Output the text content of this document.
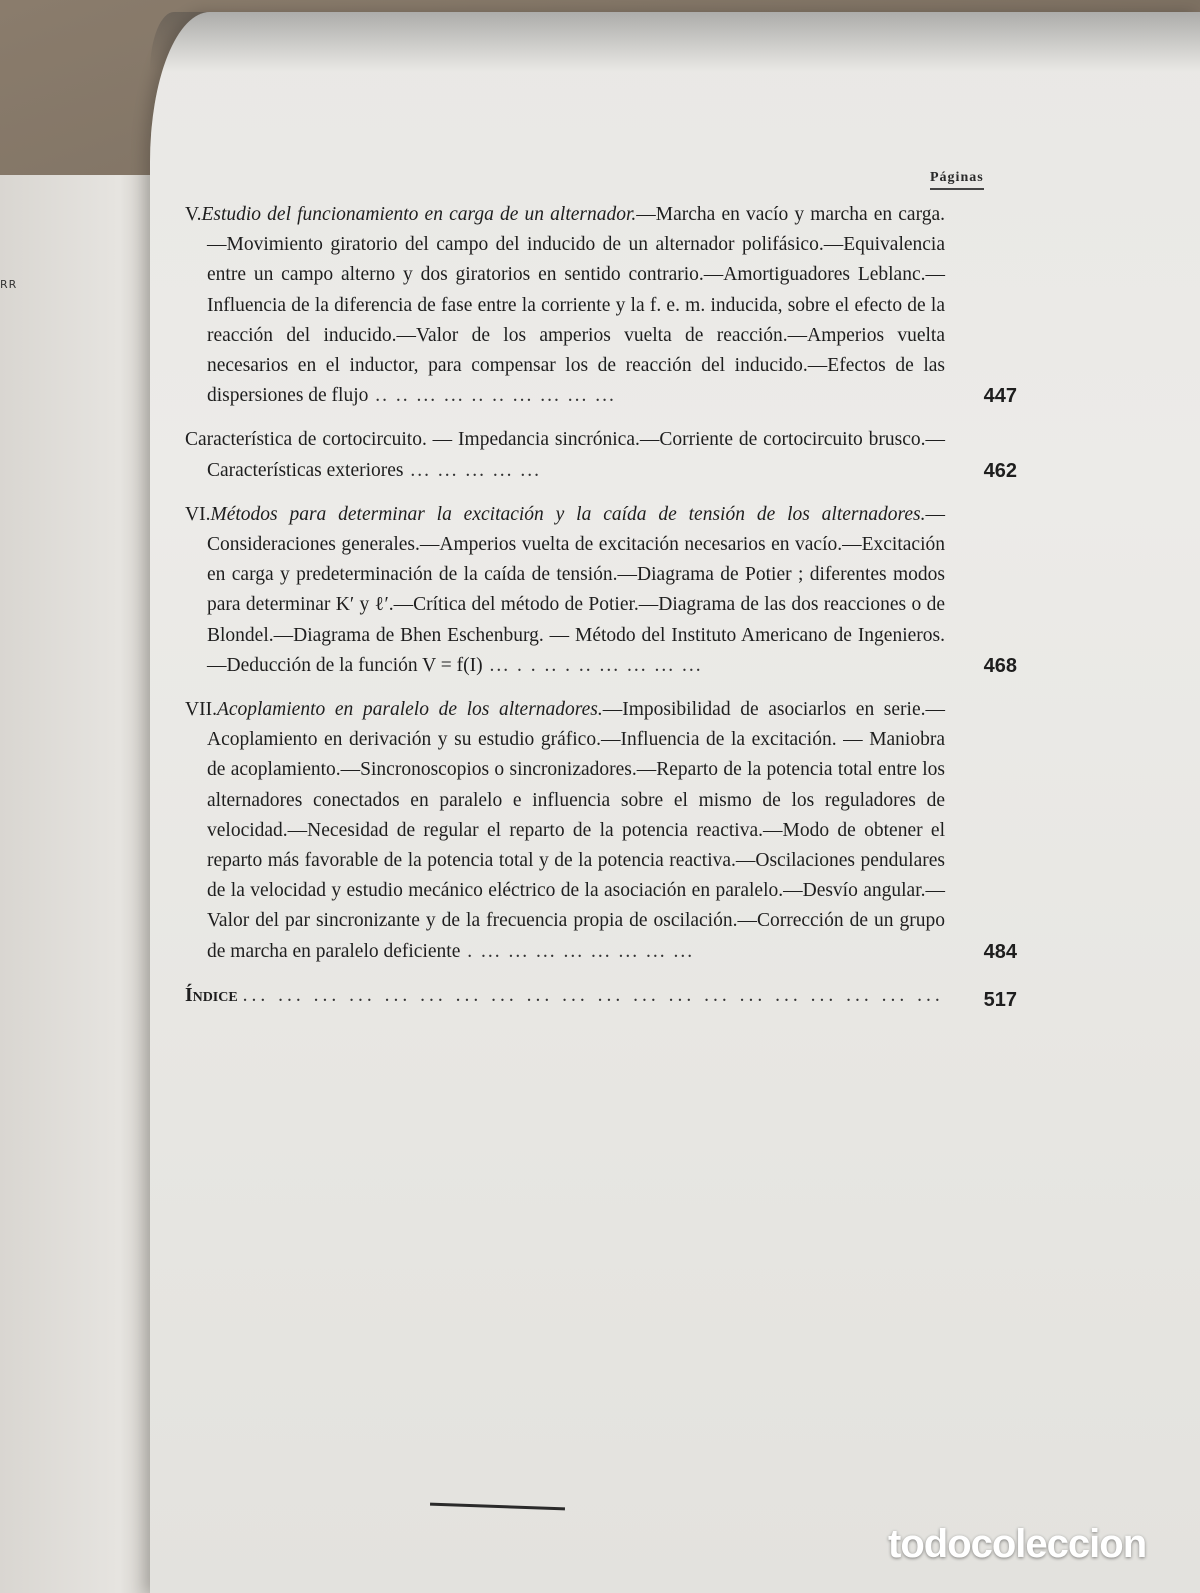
RR
Páginas
V.Estudio del funcionamiento en carga de un alternador.—Marcha en vacío y marcha en carga.—Movimiento giratorio del campo del inducido de un alternador polifásico.—Equivalencia entre un campo alterno y dos giratorios en sentido contrario.—Amortiguadores Leblanc.—Influencia de la diferencia de fase entre la corriente y la f. e. m. inducida, sobre el efecto de la reacción del inducido.—Valor de los amperios vuelta de reacción.—Amperios vuelta necesarios en el inductor, para compensar los de reacción del inducido.—Efectos de las dispersiones de flujo .. .. ... ... .. .. ... ... ... ...	447
Característica de cortocircuito. — Impedancia sincrónica.—Corriente de cortocircuito brusco.—Características exteriores ... ... ... ... ...	462
VI.Métodos para determinar la excitación y la caída de tensión de los alternadores.—Consideraciones generales.—Amperios vuelta de excitación necesarios en vacío.—Excitación en carga y predeterminación de la caída de tensión.—Diagrama de Potier ; diferentes modos para determinar K′ y ℓ′.—Crítica del método de Potier.—Diagrama de las dos reacciones o de Blondel.—Diagrama de Bhen Eschenburg. — Método del Instituto Americano de Ingenieros.—Deducción de la función V = f(I) ... . . .. . .. ... ... ... ...	468
VII.Acoplamiento en paralelo de los alternadores.—Imposibilidad de asociarlos en serie.—Acoplamiento en derivación y su estudio gráfico.—Influencia de la excitación. — Maniobra de acoplamiento.—Sincronoscopios o sincronizadores.—Reparto de la potencia total entre los alternadores conectados en paralelo e influencia sobre el mismo de los reguladores de velocidad.—Necesidad de regular el reparto de la potencia reactiva.—Modo de obtener el reparto más favorable de la potencia total y de la potencia reactiva.—Oscilaciones pendulares de la velocidad y estudio mecánico eléctrico de la asociación en paralelo.—Desvío angular.—Valor del par sincronizante y de la frecuencia propia de oscilación.—Corrección de un grupo de marcha en paralelo deficiente . ... ... ... ... ... ... ... ...	484
Índice ... ... ... ... ... ... ... ... ... ... ... ... ... ... ... ... ... ... ... ... 517
todocoleccion
